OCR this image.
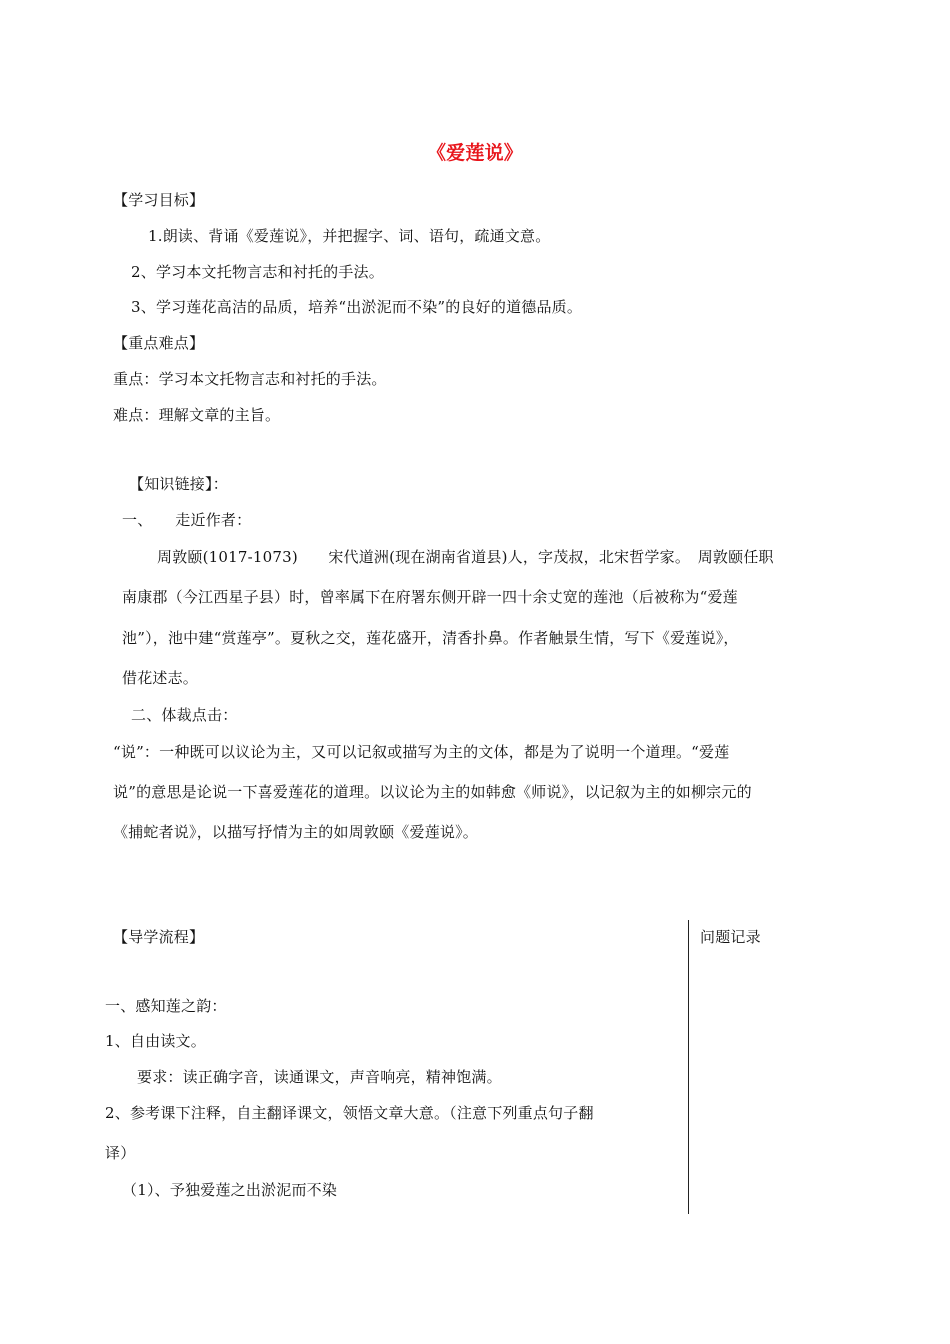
《爱莲说》
【学习目标】
1.朗读、背诵《爱莲说》，并把握字、词、语句，疏通文意。
2、学习本文托物言志和衬托的手法。
3、学习莲花高洁的品质，培养“出淤泥而不染”的良好的道德品质。
【重点难点】
重点：学习本文托物言志和衬托的手法。
难点：理解文章的主旨。
【知识链接】：
一、　　走近作者：
周敦颐(1017-1073)　　宋代道洲(现在湖南省道县)人，字茂叔，北宋哲学家。　周敦颐任职
南康郡（今江西星子县）时，曾率属下在府署东侧开辟一四十余丈宽的莲池（后被称为“爱莲
池”），池中建“赏莲亭”。夏秋之交，莲花盛开，清香扑鼻。作者触景生情，写下《爱莲说》，
借花述志。
二、体裁点击：
“说”：一种既可以议论为主，又可以记叙或描写为主的文体，都是为了说明一个道理。“爱莲
说”的意思是论说一下喜爱莲花的道理。以议论为主的如韩愈《师说》，以记叙为主的如柳宗元的
《捕蛇者说》，以描写抒情为主的如周敦颐《爱莲说》。
【导学流程】	问题记录
一、感知莲之韵：
1、自由读文。
要求：读正确字音，读通课文，声音响亮，精神饱满。
2、参考课下注释，自主翻译课文，领悟文章大意。（注意下列重点句子翻
译）
（1）、予独爱莲之出淤泥而不染
